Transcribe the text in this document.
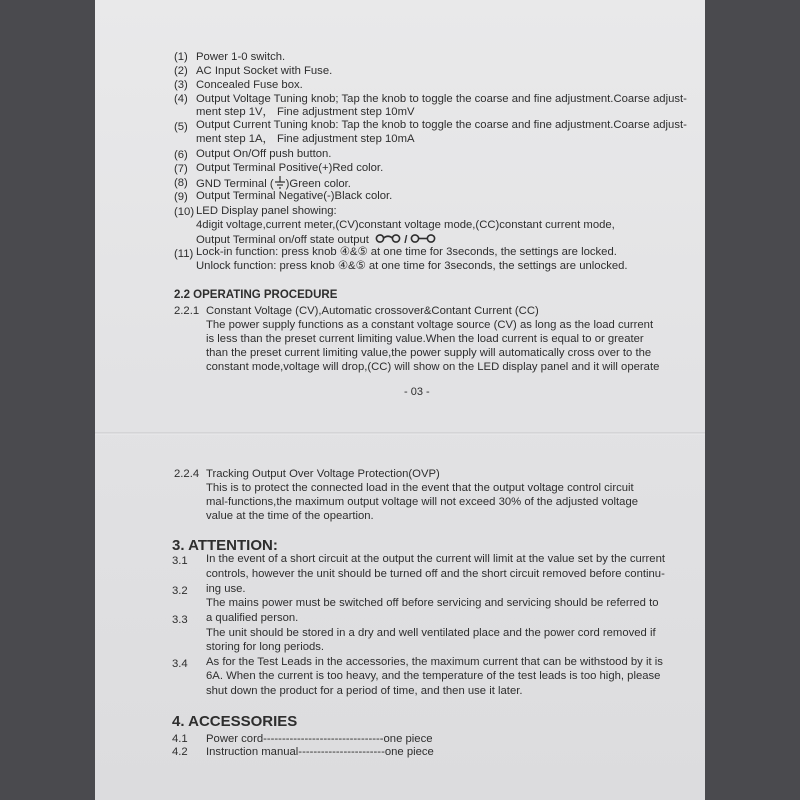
(1) Power 1-0 switch.
(2) AC Input Socket with Fuse.
(3) Concealed Fuse box.
(4) Output Voltage Tuning knob; Tap the knob to toggle the coarse and fine adjustment.Coarse adjust-
ment step 1V， Fine adjustment step 10mV
(5) Output Current Tuning knob: Tap the knob to toggle the coarse and fine adjustment.Coarse adjust-
ment step 1A， Fine adjustment step 10mA
(6) Output On/Off push button.
(7) Output Terminal Positive(+)Red color.
(8) GND Terminal ( )Green color.
(9) Output Terminal Negative(-)Black color.
(10) LED Display panel showing:
4digit voltage,current meter,(CV)constant voltage mode,(CC)constant current mode,
Output Terminal on/off state output	/
(11) Lock-in function: press knob ④&⑤ at one time for 3seconds, the settings are locked.
Unlock function: press knob ④&⑤ at one time for 3seconds, the settings are unlocked.
2.2 OPERATING PROCEDURE
2.2.1 Constant Voltage (CV),Automatic crossover&Contant Current (CC)
The power supply functions as a constant voltage source (CV) as long as the load current
is less than the preset current limiting value.When the load current is equal to or greater
than the preset current limiting value,the power supply will automatically cross over to the
constant mode,voltage will drop,(CC) will show on the LED display panel and it will operate
- 03 -
2.2.4 Tracking Output Over Voltage Protection(OVP)
This is to protect the connected load in the event that the output voltage control circuit
mal-functions,the maximum output voltage will not exceed 30% of the adjusted voltage
value at the time of the opeartion.
3. ATTENTION:
3.1
3.2
3.3
3.4
In the event of a short circuit at the output the current will limit at the value set by the current
controls, however the unit should be turned off and the short circuit removed before continu-
ing use.
The mains power must be switched off before servicing and servicing should be referred to
a qualified person.
The unit should be stored in a dry and well ventilated place and the power cord removed if
storing for long periods.
As for the Test Leads in the accessories, the maximum current that can be withstood by it is
6A. When the current is too heavy, and the temperature of the test leads is too high, please
shut down the product for a period of time, and then use it later.
4. ACCESSORIES
4.1 Power cord--------------------------------one piece
4.2 Instruction manual-----------------------one piece
